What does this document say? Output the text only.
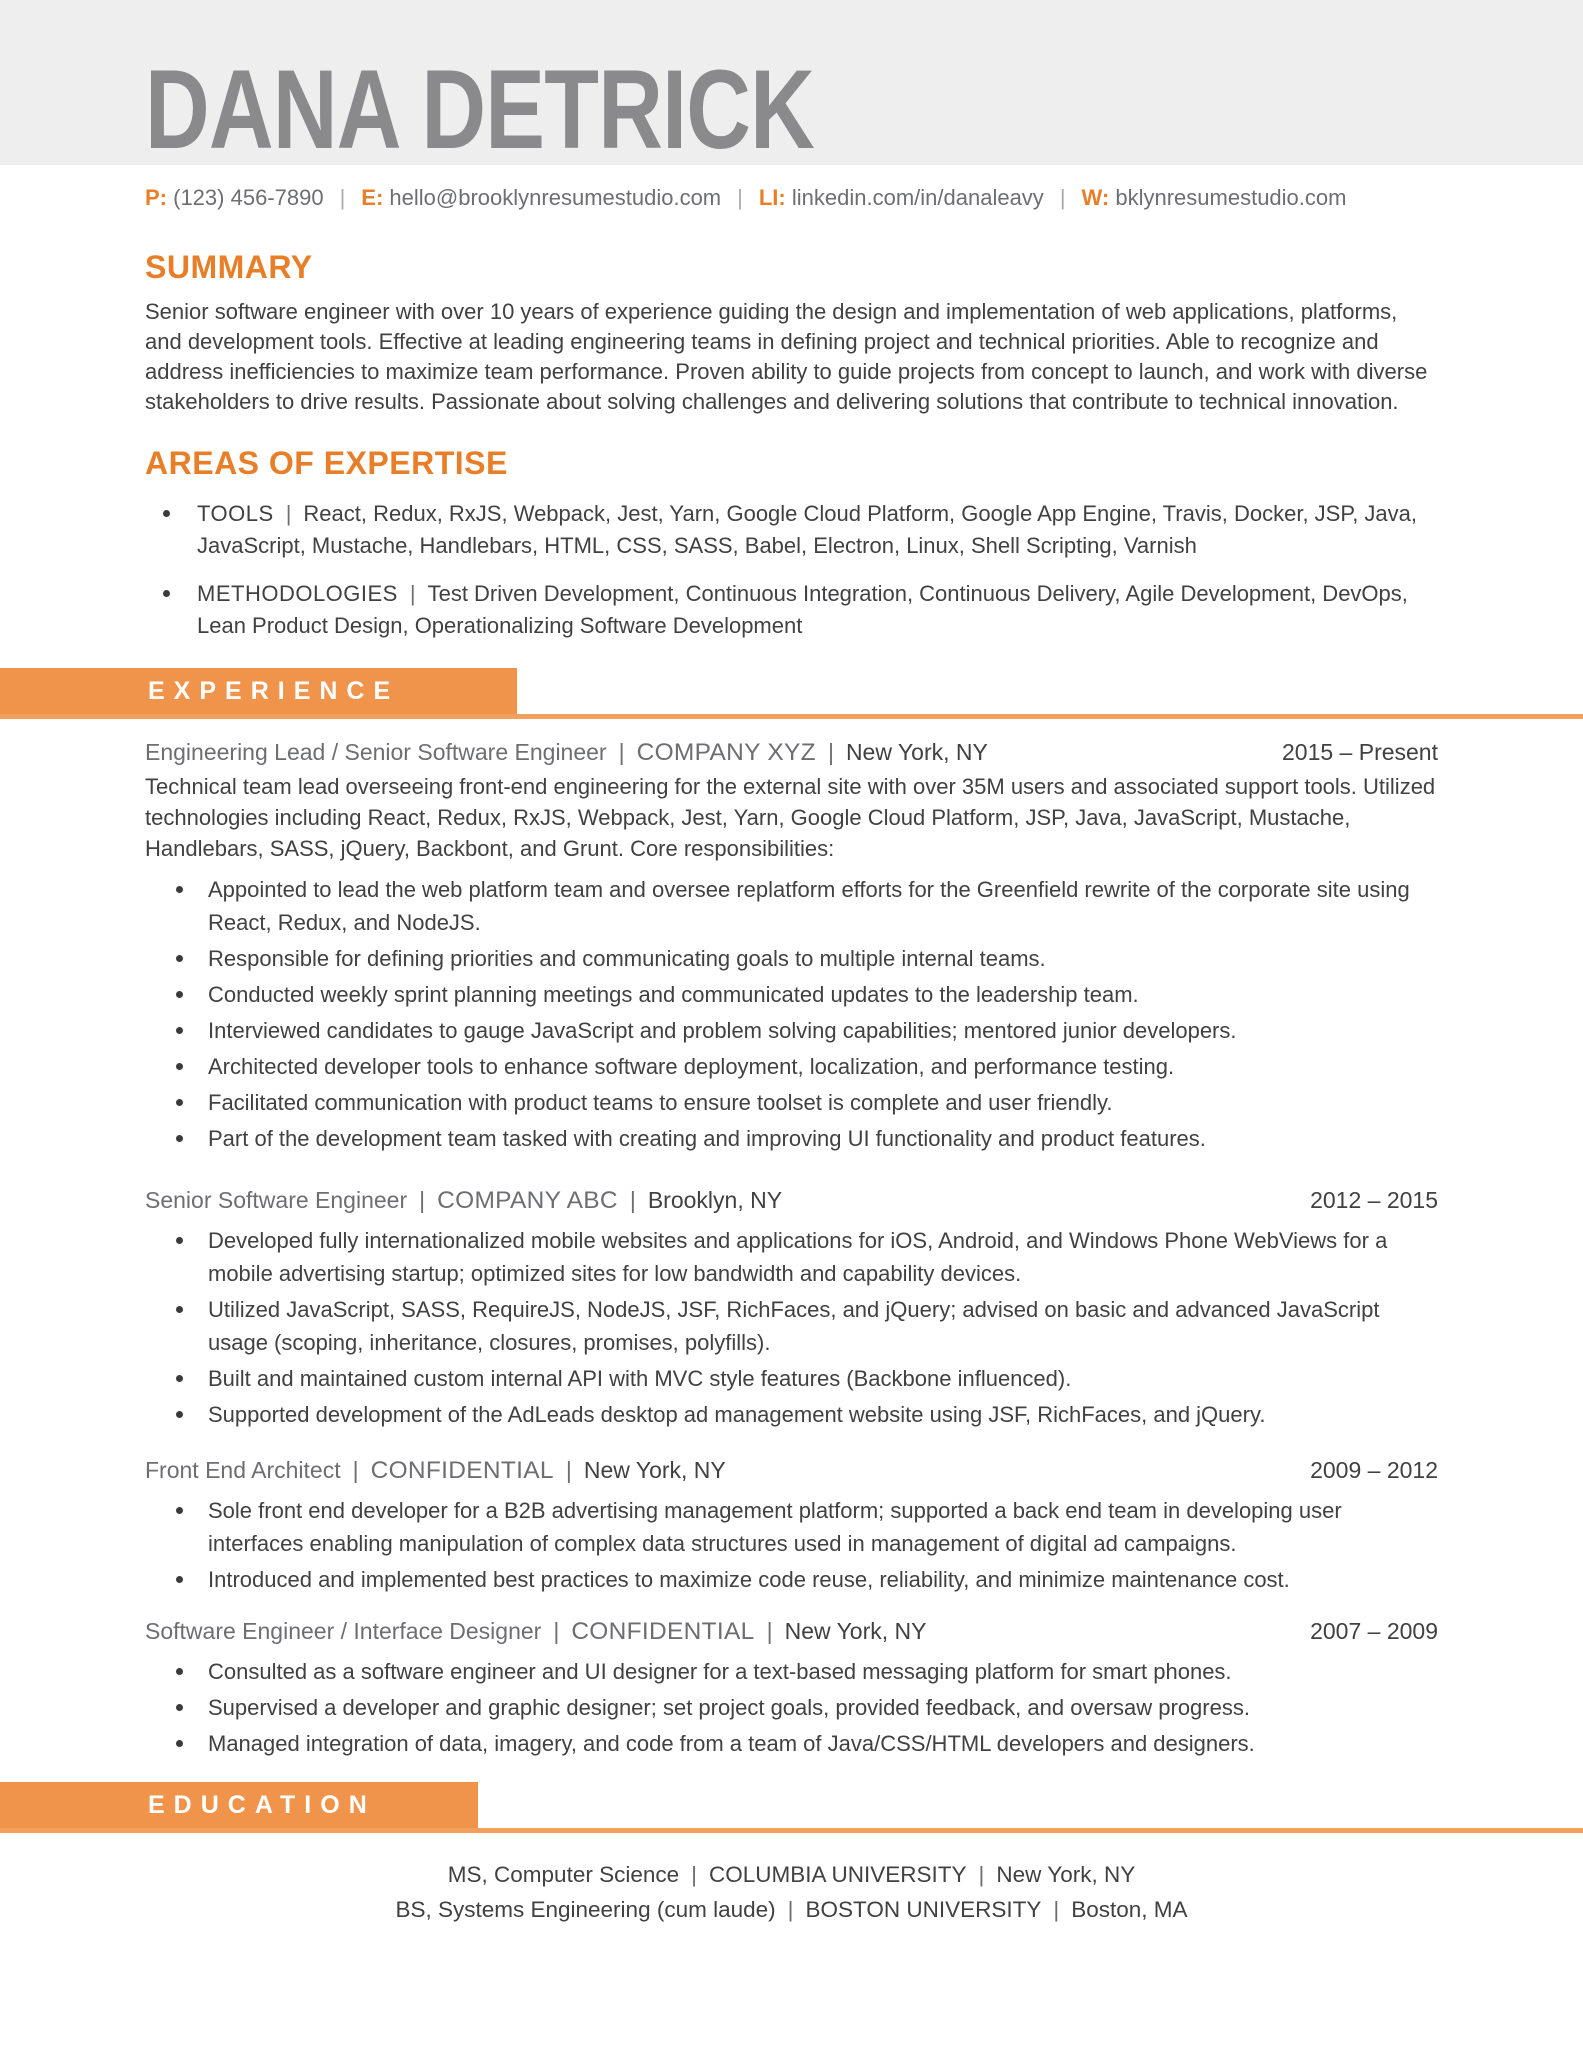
DANA DETRICK
P: (123) 456-7890 | E: hello@brooklynresumestudio.com | LI: linkedin.com/in/danaleavy | W: bklynresumestudio.com
SUMMARY

Senior software engineer with over 10 years of experience guiding the design and implementation of web applications, platforms, and development tools. Effective at leading engineering teams in defining project and technical priorities. Able to recognize and address inefficiencies to maximize team performance. Proven ability to guide projects from concept to launch, and work with diverse stakeholders to drive results. Passionate about solving challenges and delivering solutions that contribute to technical innovation.

AREAS OF EXPERTISE
TOOLS | React, Redux, RxJS, Webpack, Jest, Yarn, Google Cloud Platform, Google App Engine, Travis, Docker, JSP, Java, JavaScript, Mustache, Handlebars, HTML, CSS, SASS, Babel, Electron, Linux, Shell Scripting, Varnish
METHODOLOGIES | Test Driven Development, Continuous Integration, Continuous Delivery, Agile Development, DevOps, Lean Product Design, Operationalizing Software Development
EXPERIENCE
Engineering Lead / Senior Software Engineer | COMPANY XYZ | New York, NY	2015 – Present

Technical team lead overseeing front-end engineering for the external site with over 35M users and associated support tools. Utilized technologies including React, Redux, RxJS, Webpack, Jest, Yarn, Google Cloud Platform, JSP, Java, JavaScript, Mustache, Handlebars, SASS, jQuery, Backbont, and Grunt. Core responsibilities:

Appointed to lead the web platform team and oversee replatform efforts for the Greenfield rewrite of the corporate site using React, Redux, and NodeJS.
Responsible for defining priorities and communicating goals to multiple internal teams.
Conducted weekly sprint planning meetings and communicated updates to the leadership team.
Interviewed candidates to gauge JavaScript and problem solving capabilities; mentored junior developers.
Architected developer tools to enhance software deployment, localization, and performance testing.
Facilitated communication with product teams to ensure toolset is complete and user friendly.
Part of the development team tasked with creating and improving UI functionality and product features.
Senior Software Engineer | COMPANY ABC | Brooklyn, NY	2012 – 2015
Developed fully internationalized mobile websites and applications for iOS, Android, and Windows Phone WebViews for a mobile advertising startup; optimized sites for low bandwidth and capability devices.
Utilized JavaScript, SASS, RequireJS, NodeJS, JSF, RichFaces, and jQuery; advised on basic and advanced JavaScript usage (scoping, inheritance, closures, promises, polyfills).
Built and maintained custom internal API with MVC style features (Backbone influenced).
Supported development of the AdLeads desktop ad management website using JSF, RichFaces, and jQuery.
Front End Architect | CONFIDENTIAL | New York, NY	2009 – 2012
Sole front end developer for a B2B advertising management platform; supported a back end team in developing user interfaces enabling manipulation of complex data structures used in management of digital ad campaigns.
Introduced and implemented best practices to maximize code reuse, reliability, and minimize maintenance cost.
Software Engineer / Interface Designer | CONFIDENTIAL | New York, NY	2007 – 2009
Consulted as a software engineer and UI designer for a text-based messaging platform for smart phones.
Supervised a developer and graphic designer; set project goals, provided feedback, and oversaw progress.
Managed integration of data, imagery, and code from a team of Java/CSS/HTML developers and designers.
EDUCATION
MS, Computer Science | COLUMBIA UNIVERSITY | New York, NY
BS, Systems Engineering (cum laude) | BOSTON UNIVERSITY | Boston, MA
